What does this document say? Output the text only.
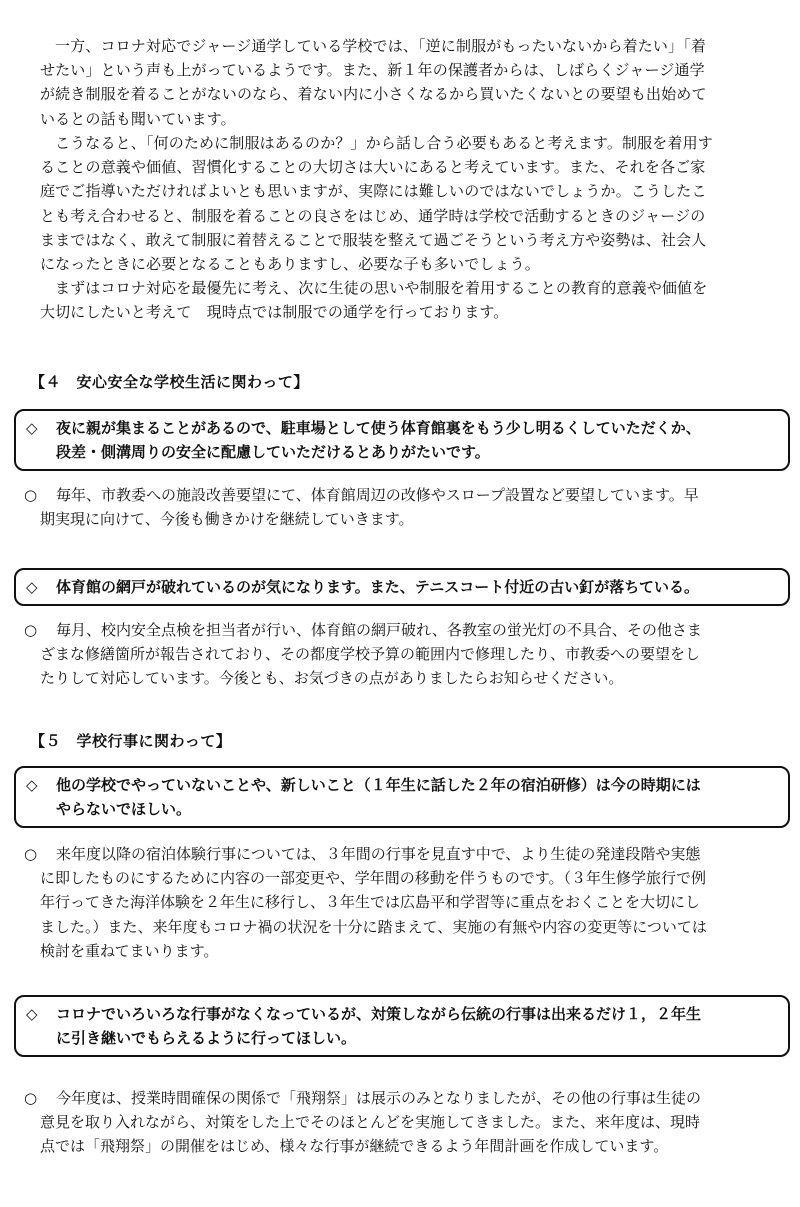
一方、コロナ対応でジャージ通学している学校では、「逆に制服がもったいないから着たい」「着
せたい」という声も上がっているようです。また、新１年の保護者からは、しばらくジャージ通学
が続き制服を着ることがないのなら、着ない内に小さくなるから買いたくないとの要望も出始めて
いるとの話も聞いています。

こうなると、「何のために制服はあるのか？」から話し合う必要もあると考えます。制服を着用す
ることの意義や価値、習慣化することの大切さは大いにあると考えています。また、それを各ご家
庭でご指導いただければよいとも思いますが、実際には難しいのではないでしょうか。こうしたこ
とも考え合わせると、制服を着ることの良さをはじめ、通学時は学校で活動するときのジャージの
ままではなく、敢えて制服に着替えることで服装を整えて過ごそうという考え方や姿勢は、社会人
になったときに必要となることもありますし、必要な子も多いでしょう。

まずはコロナ対応を最優先に考え、次に生徒の思いや制服を着用することの教育的意義や価値を
大切にしたいと考えて　現時点では制服での通学を行っております。

【４　安心安全な学校生活に関わって】
◇	夜に親が集まることがあるので、駐車場として使う体育館裏をもう少し明るくしていただくか、
段差・側溝周りの安全に配慮していただけるとありがたいです。
○	毎年、市教委への施設改善要望にて、体育館周辺の改修やスロープ設置など要望しています。早
期実現に向けて、今後も働きかけを継続していきます。
◇	体育館の網戸が破れているのが気になります。また、テニスコート付近の古い釘が落ちている。
○	毎月、校内安全点検を担当者が行い、体育館の網戸破れ、各教室の蛍光灯の不具合、その他さま
ざまな修繕箇所が報告されており、その都度学校予算の範囲内で修理したり、市教委への要望をし
たりして対応しています。今後とも、お気づきの点がありましたらお知らせください。
【５　学校行事に関わって】
◇	他の学校でやっていないことや、新しいこと（１年生に話した２年の宿泊研修）は今の時期には
やらないでほしい。
○	来年度以降の宿泊体験行事については、３年間の行事を見直す中で、より生徒の発達段階や実態
に即したものにするために内容の一部変更や、学年間の移動を伴うものです。（３年生修学旅行で例
年行ってきた海洋体験を２年生に移行し、３年生では広島平和学習等に重点をおくことを大切にし
ました。）また、来年度もコロナ禍の状況を十分に踏まえて、実施の有無や内容の変更等については
検討を重ねてまいります。
◇	コロナでいろいろな行事がなくなっているが、対策しながら伝統の行事は出来るだけ１，２年生
に引き継いでもらえるように行ってほしい。
○	今年度は、授業時間確保の関係で「飛翔祭」は展示のみとなりましたが、その他の行事は生徒の
意見を取り入れながら、対策をした上でそのほとんどを実施してきました。また、来年度は、現時
点では「飛翔祭」の開催をはじめ、様々な行事が継続できるよう年間計画を作成しています。
